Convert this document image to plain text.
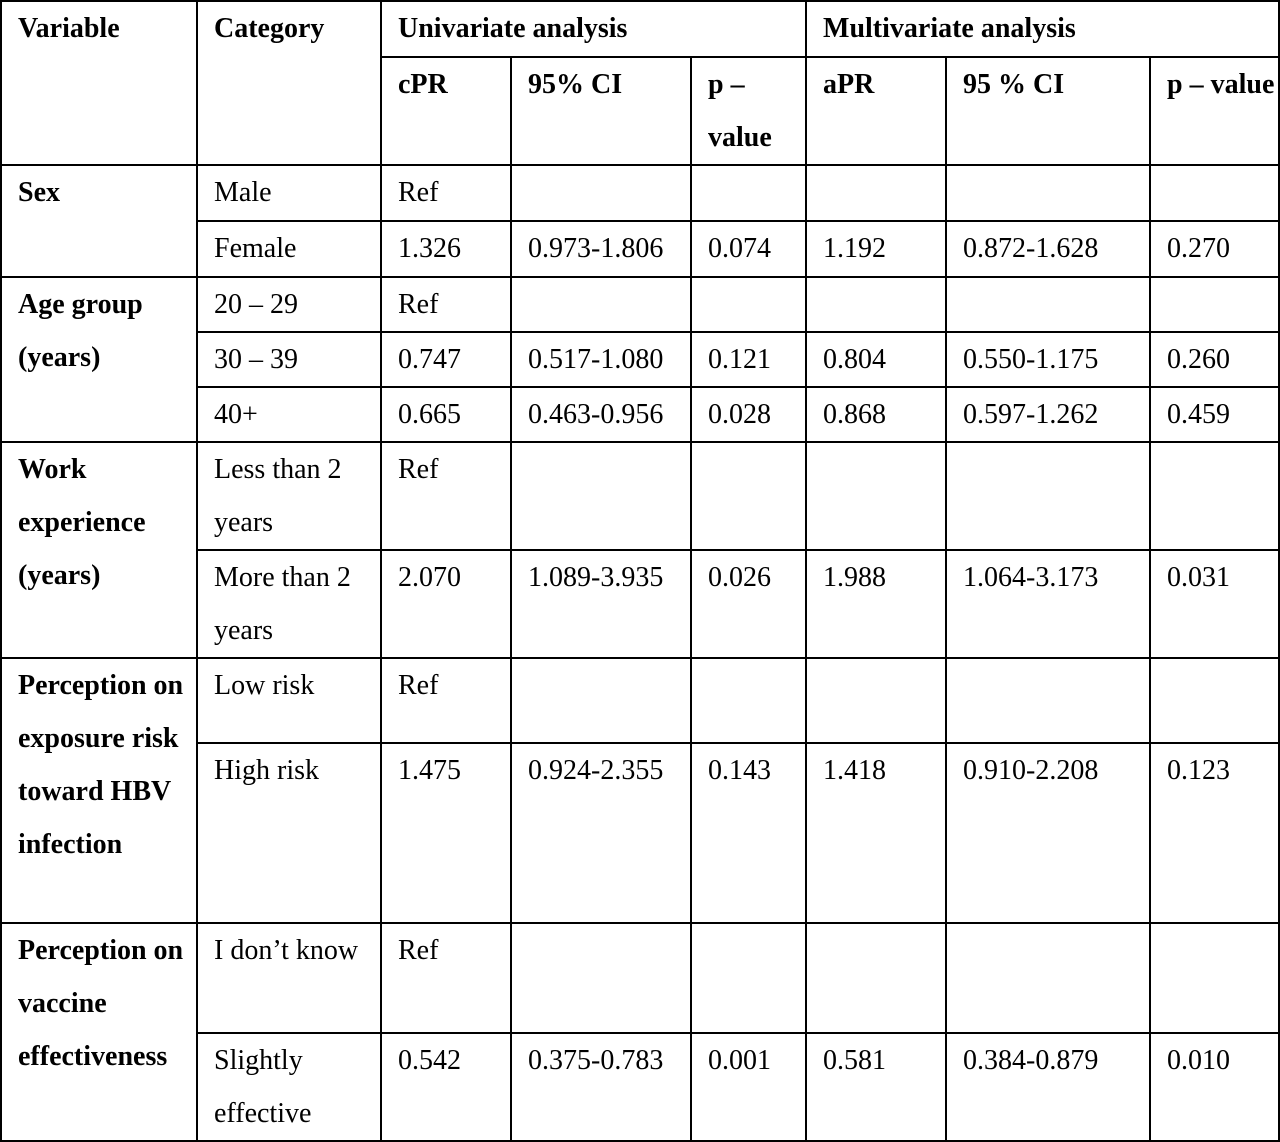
Variable	Category	Univariate analysis			Multivariate analysis		
		cPR	95% CI	p – value	aPR	95 % CI	p – value
Sex	Male	Ref					
	Female	1.326	0.973-1.806	0.074	1.192	0.872-1.628	0.270
Age group (years)	20 – 29	Ref					
	30 – 39	0.747	0.517-1.080	0.121	0.804	0.550-1.175	0.260
	40+	0.665	0.463-0.956	0.028	0.868	0.597-1.262	0.459
Work experience (years)	Less than 2 years	Ref					
	More than 2 years	2.070	1.089-3.935	0.026	1.988	1.064-3.173	0.031
Perception on exposure risk toward HBV infection	Low risk	Ref					
	High risk	1.475	0.924-2.355	0.143	1.418	0.910-2.208	0.123
Perception on vaccine effectiveness	I don’t know	Ref					
	Slightly effective	0.542	0.375-0.783	0.001	0.581	0.384-0.879	0.010
